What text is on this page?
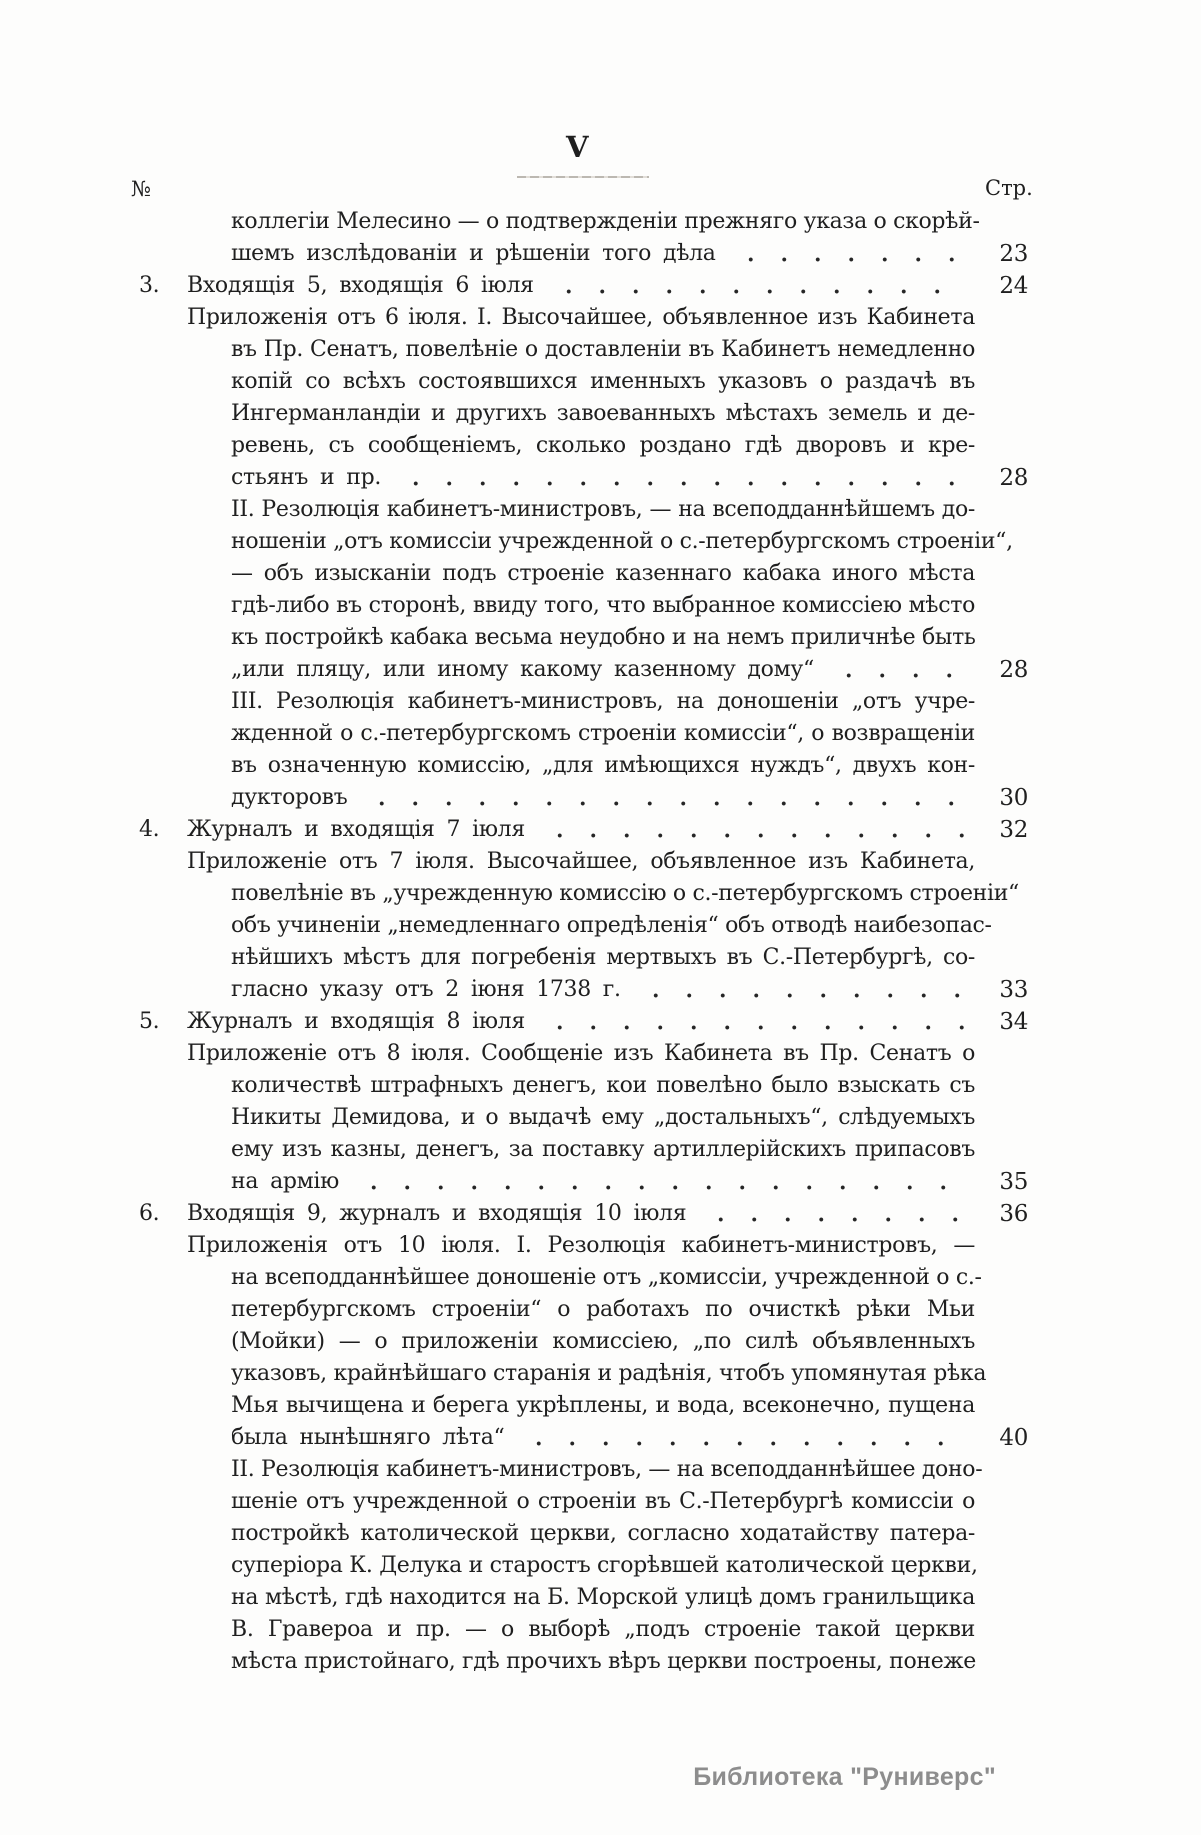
V
№	Стр.
коллегіи Мелесино — о подтвержденіи прежняго указа о скорѣй-
шемъ изслѣдованіи и рѣшеніи того дѣла	23
3. Входящія 5, входящія 6 іюля	24
Приложенія отъ 6 іюля. I. Высочайшее, объявленное изъ Кабинета
въ Пр. Сенатъ, повелѣніе о доставленіи въ Кабинетъ немедленно
копій со всѣхъ состоявшихся именныхъ указовъ о раздачѣ въ
Ингерманландіи и другихъ завоеванныхъ мѣстахъ земель и де-
ревень, съ сообщеніемъ, сколько роздано гдѣ дворовъ и кре-
стьянъ и пр.	28
II. Резолюція кабинетъ-министровъ, — на всеподданнѣйшемъ до-
ношеніи „отъ комиссіи учрежденной о с.-петербургскомъ строеніи“,
— объ изысканіи подъ строеніе казеннаго кабака иного мѣста
гдѣ-либо въ сторонѣ, ввиду того, что выбранное комиссіею мѣсто
къ постройкѣ кабака весьма неудобно и на немъ приличнѣе быть
„или пляцу, или иному какому казенному дому“	28
III. Резолюція кабинетъ-министровъ, на доношеніи „отъ учре-
жденной о с.-петербургскомъ строеніи комиссіи“, о возвращеніи
въ означенную комиссію, „для имѣющихся нуждъ“, двухъ кон-
дукторовъ	30
4. Журналъ и входящія 7 іюля	32
Приложеніе отъ 7 іюля. Высочайшее, объявленное изъ Кабинета,
повелѣніе въ „учрежденную комиссію о с.-петербургскомъ строеніи“
объ учиненіи „немедленнаго опредѣленія“ объ отводѣ наибезопас-
нѣйшихъ мѣстъ для погребенія мертвыхъ въ С.-Петербургѣ, со-
гласно указу отъ 2 іюня 1738 г.	33
5. Журналъ и входящія 8 іюля	34
Приложеніе отъ 8 іюля. Сообщеніе изъ Кабинета въ Пр. Сенатъ о
количествѣ штрафныхъ денегъ, кои повелѣно было взыскать съ
Никиты Демидова, и о выдачѣ ему „достальныхъ“, слѣдуемыхъ
ему изъ казны, денегъ, за поставку артиллерійскихъ припасовъ
на армію	35
6. Входящія 9, журналъ и входящія 10 іюля	36
Приложенія отъ 10 іюля. I. Резолюція кабинетъ-министровъ, —
на всеподданнѣйшее доношеніе отъ „комиссіи, учрежденной о с.-
петербургскомъ строеніи“ о работахъ по очисткѣ рѣки Мьи
(Мойки) — о приложеніи комиссіею, „по силѣ объявленныхъ
указовъ, крайнѣйшаго старанія и радѣнія, чтобъ упомянутая рѣка
Мья вычищена и берега укрѣплены, и вода, всеконечно, пущена
была нынѣшняго лѣта“	40
II. Резолюція кабинетъ-министровъ, — на всеподданнѣйшее доно-
шеніе отъ учрежденной о строеніи въ С.-Петербургѣ комиссіи о
постройкѣ католической церкви, согласно ходатайству патера-
суперіора К. Делука и старостъ сгорѣвшей католической церкви,
на мѣстѣ, гдѣ находится на Б. Морской улицѣ домъ гранильщика
В. Гравероа и пр. — о выборѣ „подъ строеніе такой церкви
мѣста пристойнаго, гдѣ прочихъ вѣръ церкви построены, понеже
Библиотека "Руниверс"
